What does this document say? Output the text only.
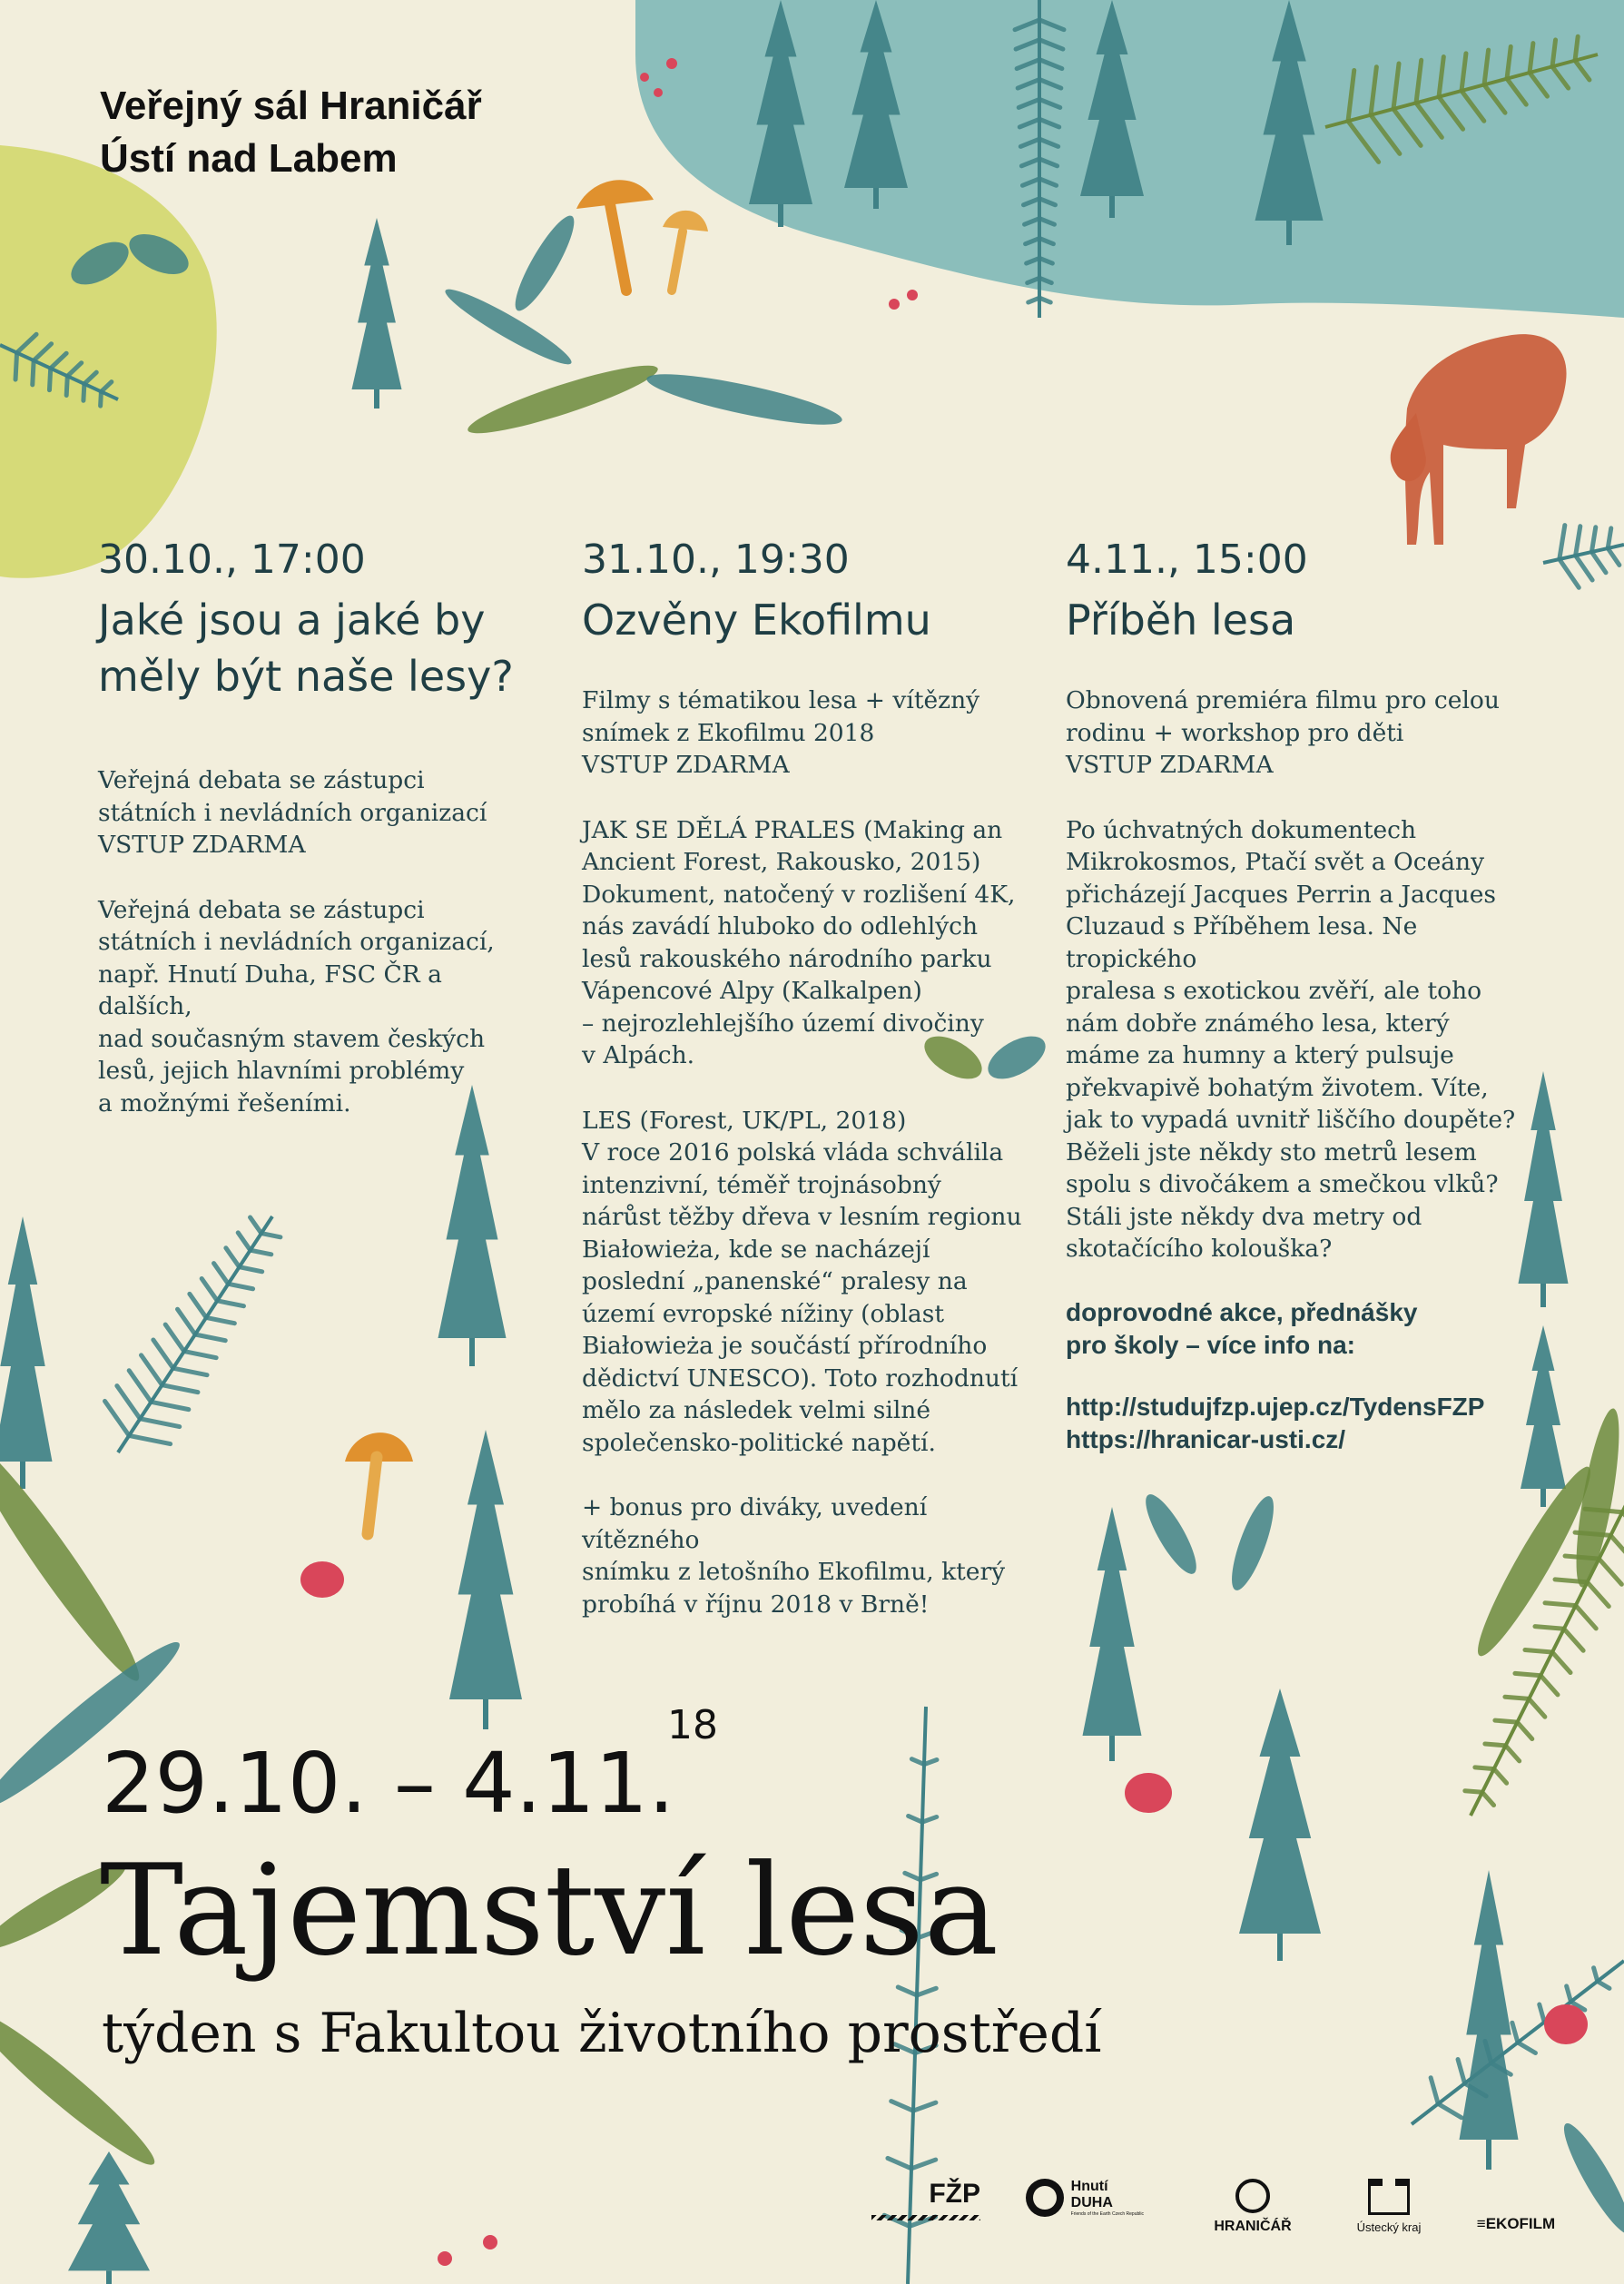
Veřejný sál Hraničář
Ústí nad Labem
30.10., 17:00
Jaké jsou a jaké by
měly být naše lesy?

Veřejná debata se zástupci
státních i nevládních organizací
VSTUP ZDARMA

Veřejná debata se zástupci
státních i nevládních organizací,
např. Hnutí Duha, FSC ČR a dalších,
nad současným stavem českých
lesů, jejich hlavními problémy
a možnými řešeními.

31.10., 19:30
Ozvěny Ekofilmu

Filmy s tématikou lesa + vítězný
snímek z Ekofilmu 2018
VSTUP ZDARMA

JAK SE DĚLÁ PRALES (Making an
Ancient Forest, Rakousko, 2015)
Dokument, natočený v rozlišení 4K,
nás zavádí hluboko do odlehlých
lesů rakouského národního parku
Vápencové Alpy (Kalkalpen)
– nejrozlehlejšího území divočiny
v Alpách.

LES (Forest, UK/PL, 2018)
V roce 2016 polská vláda schválila
intenzivní, téměř trojnásobný
nárůst těžby dřeva v lesním regionu
Białowieża, kde se nacházejí
poslední „panenské“ pralesy na
území evropské nížiny (oblast
Białowieża je součástí přírodního
dědictví UNESCO). Toto rozhodnutí
mělo za následek velmi silné
společensko-politické napětí.

+ bonus pro diváky, uvedení vítězného
snímku z letošního Ekofilmu, který
probíhá v říjnu 2018 v Brně!

4.11., 15:00
Příběh lesa

Obnovená premiéra filmu pro celou
rodinu + workshop pro děti
VSTUP ZDARMA

Po úchvatných dokumentech
Mikrokosmos, Ptačí svět a Oceány
přicházejí Jacques Perrin a Jacques
Cluzaud s Příběhem lesa. Ne tropického
pralesa s exotickou zvěří, ale toho
nám dobře známého lesa, který
máme za humny a který pulsuje
překvapivě bohatým životem. Víte,
jak to vypadá uvnitř liščího doupěte?
Běželi jste někdy sto metrů lesem
spolu s divočákem a smečkou vlků?
Stáli jste někdy dva metry od
skotačícího kolouška?

doprovodné akce, přednášky
pro školy – více info na:

http://studujfzp.ujep.cz/TydensFZP

https://hranicar-usti.cz/

29.10. – 4.11.
18
Tajemství lesa
týden s Fakultou životního prostředí
FŽP	Hnutí DUHA
Friends of the Earth Czech Republic
HRANIČÁŘ	Ústecký kraj	≡EKOFILM
